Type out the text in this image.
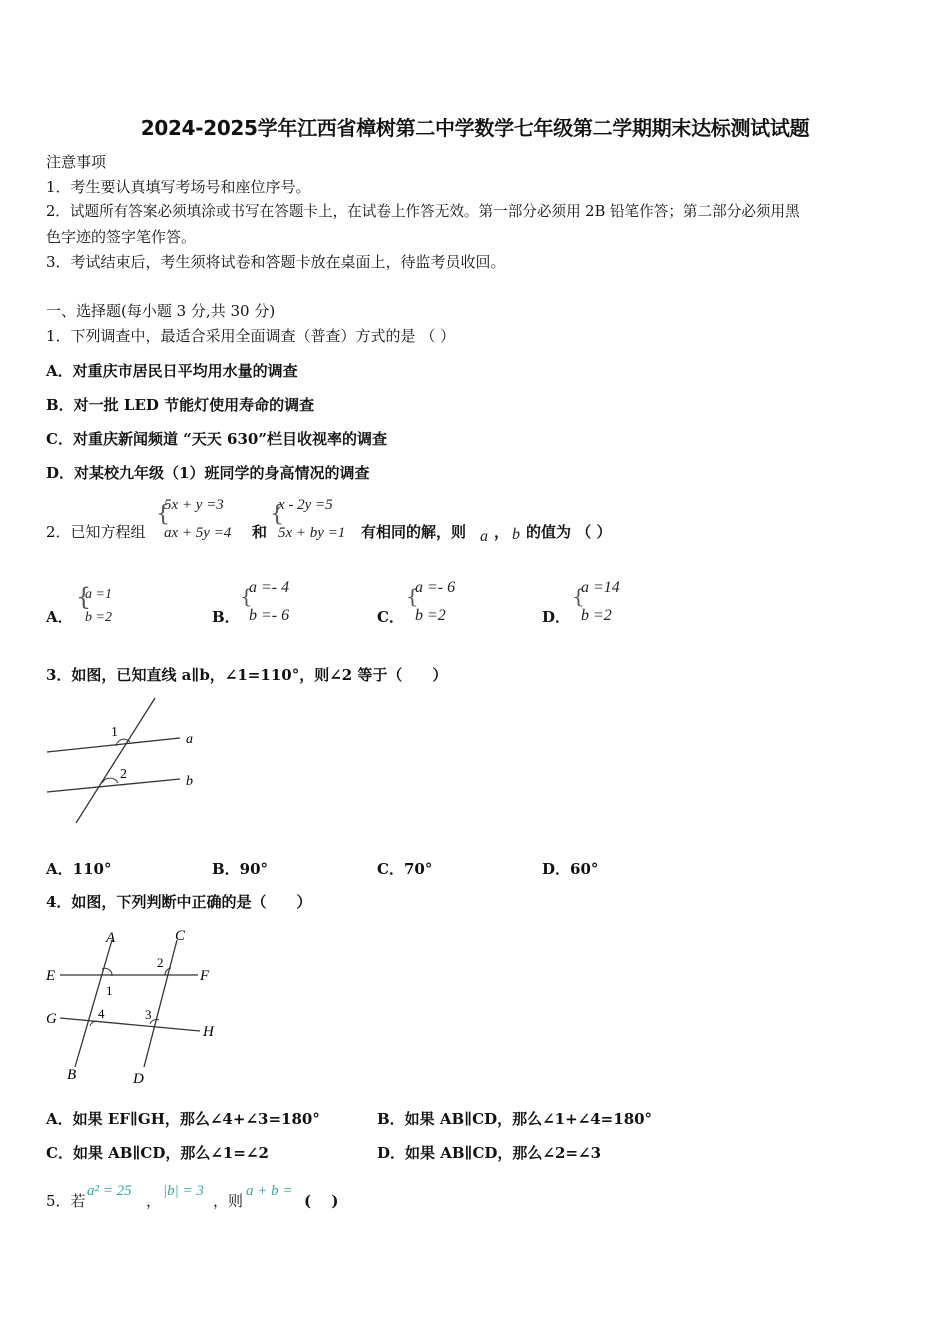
2024-2025学年江西省樟树第二中学数学七年级第二学期期末达标测试试题
注意事项
1．考生要认真填写考场号和座位序号。
2．试题所有答案必须填涂或书写在答题卡上，在试卷上作答无效。第一部分必须用 2B 铅笔作答；第二部分必须用黑
色字迹的签字笔作答。
3．考试结束后，考生须将试卷和答题卡放在桌面上，待监考员收回。
一、选择题(每小题 3 分,共 30 分)
1．下列调查中，最适合采用全面调查（普查）方式的是 （ ）
A．对重庆市居民日平均用水量的调查
B．对一批 LED 节能灯使用寿命的调查
C．对重庆新闻频道 “天天 630”栏目收视率的调查
D．对某校九年级（1）班同学的身高情况的调查
2．已知方程组
{
5x + y =3
ax + 5y =4 和
{
x - 2y =5
5x + by =1 有相同的解，则 a ， b 的值为 （ ）
A．
{
a =1
b =2	B．
{
a =- 4
b =- 6	C．
{
a =- 6
b =2	D．
{
a =14
b =2
3．如图，已知直线 a∥b，∠1=110°，则∠2 等于（　　）
1
2
a
b
A．110°	B．90°	C．70°	D．60°
4．如图，下列判断中正确的是（　　）
A
B
C
D
E	F
G
H
1
2
3
4
A．如果 EF∥GH，那么∠4+∠3=180°	B．如果 AB∥CD，那么∠1+∠4=180°
C．如果 AB∥CD，那么∠1=∠2	D．如果 AB∥CD，那么∠2=∠3
5．若
a² = 25
，
|b| = 3
，则
a + b =
(　 )
